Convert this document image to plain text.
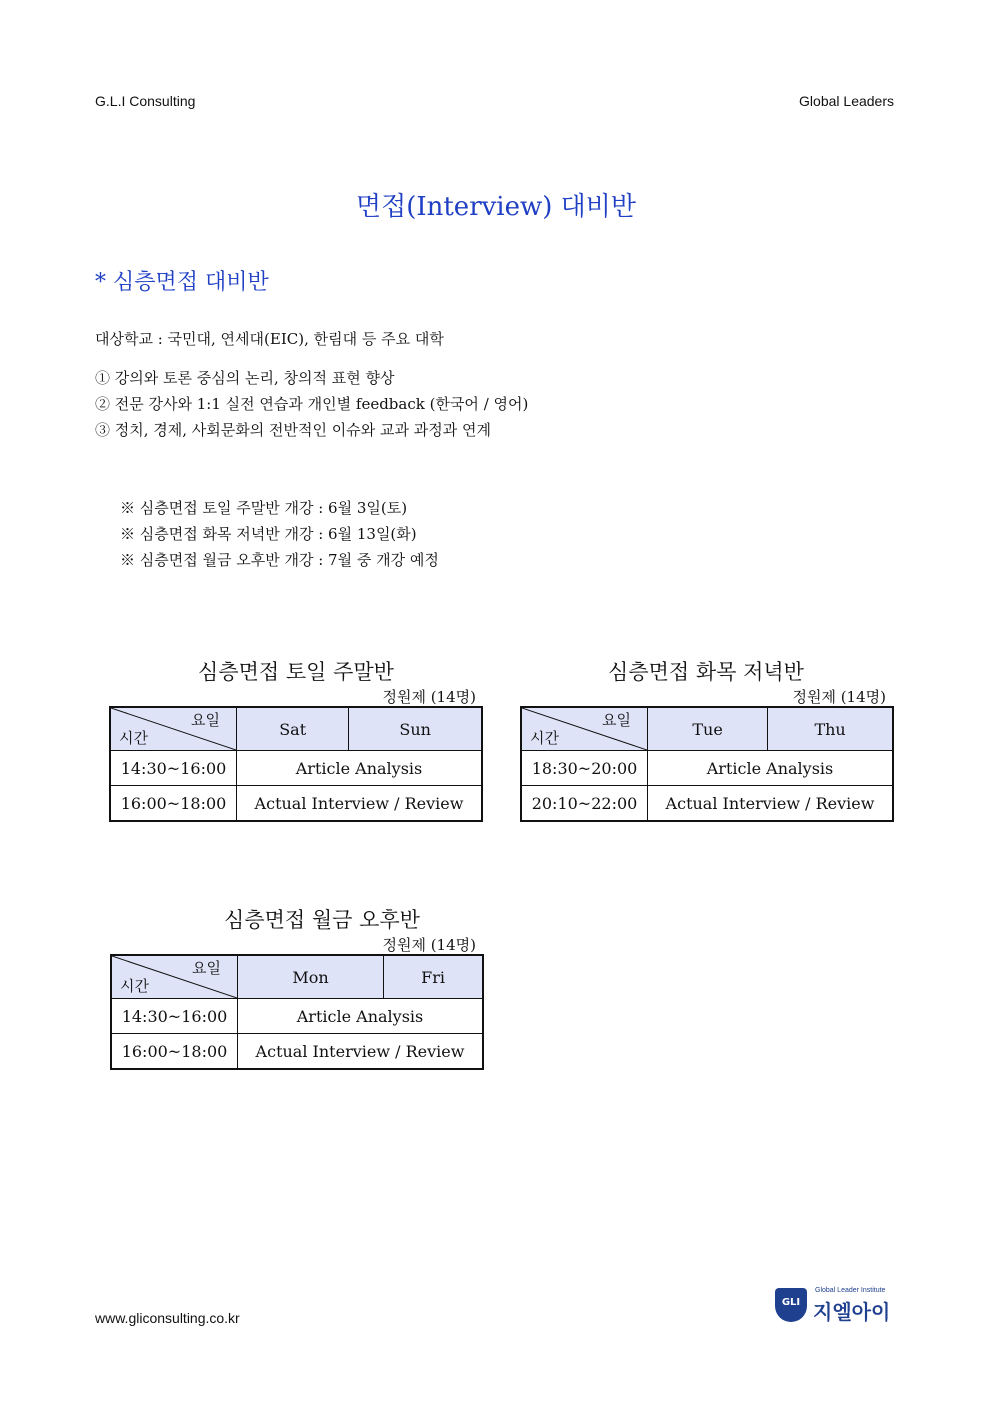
G.L.I Consulting	Global Leaders
면접(Interview) 대비반
* 심층면접 대비반
대상학교 : 국민대, 연세대(EIC), 한림대 등 주요 대학
① 강의와 토론 중심의 논리, 창의적 표현 향상
② 전문 강사와 1:1 실전 연습과 개인별 feedback (한국어 / 영어)
③ 정치, 경제, 사회문화의 전반적인 이슈와 교과 과정과 연계
※ 심층면접 토일 주말반 개강 : 6월 3일(토)
※ 심층면접 화목 저녁반 개강 : 6월 13일(화)
※ 심층면접 월금 오후반 개강 : 7월 중 개강 예정
심층면접 토일 주말반
정원제 (14명)
요일
시간	Sat	Sun
14:30~16:00	Article Analysis	
16:00~18:00	Actual Interview / Review	
심층면접 화목 저녁반
정원제 (14명)
요일
시간	Tue	Thu
18:30~20:00	Article Analysis	
20:10~22:00	Actual Interview / Review	
심층면접 월금 오후반
정원제 (14명)
요일
시간	Mon	Fri
14:30~16:00	Article Analysis	
16:00~18:00	Actual Interview / Review	
www.gliconsulting.co.kr
GLI
Global Leader Institute
지엘아이
